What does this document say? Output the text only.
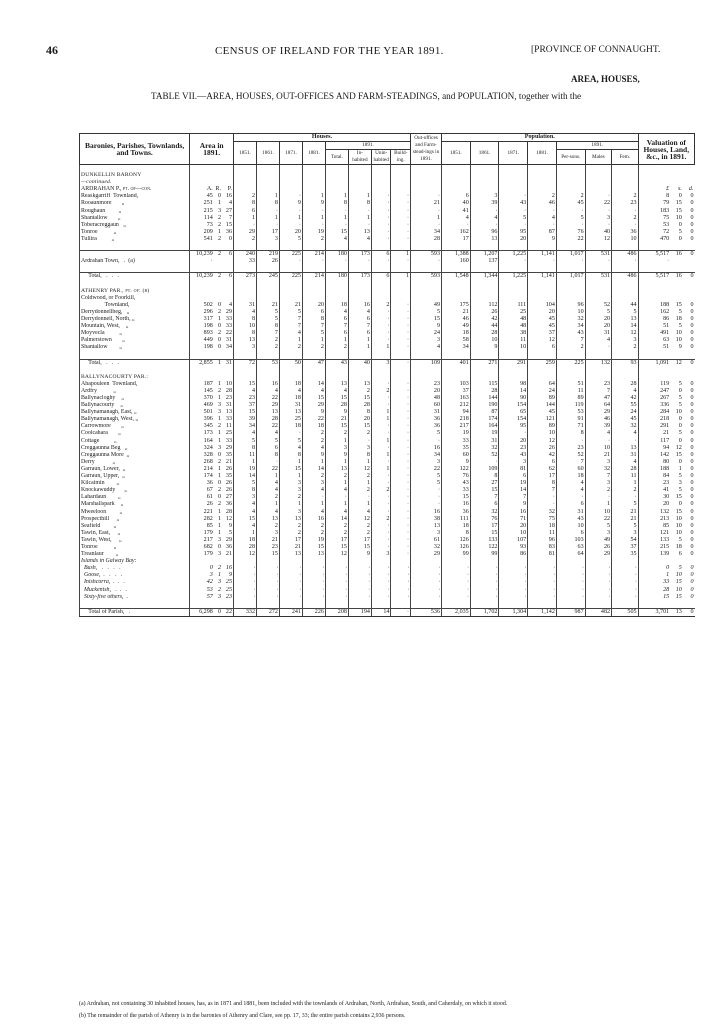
46	CENSUS OF IRELAND FOR THE YEAR 1891.	[PROVINCE OF CONNAUGHT.
AREA, HOUSES,
TABLE VII.—AREA, HOUSES, OUT-OFFICES AND FARM-STEADINGS, and POPULATION, together with the
Baronies, Parishes, Townlands, and Towns.	Area in 1891.			Houses.								Out-offices and Farm-stead-ings in 1891.	Population.							Valuation of Houses, Land, &c., in 1891.		
				1851.	1861.	1871.	1881.	1891.					1851.	1861.	1871.	1881.	1891.					
								Total.	In-habited	Unin-habited	Build-ing.						Per-sons.	Males	Fem.			

DUNKELLIN BARONY																						
—continued.																						
ARDRAHAN P., pt. of—con.	A.	R.	P.																	£	s.	d.
Reaskgarriff  Townland,	45	0	16	2	1	·	1	1	1	·	·	·	6	3	·	2	2	·	2	8	0	0
Rooaunmore       „	251	1	4	8	8	9	9	8	8	·	·	21	40	39	43	46	45	22	23	79	15	0
Roughaun         „	215	3	27	6	·	·	·	·	·	·	·	·	41	·	·	·	·	·	·	183	15	0
Shantallow       „	114	2	7	1	1	1	1	1	1	·	·	1	4	4	5	4	5	3	2	75	10	0
Toberacreggaun   „	73	2	15	·	·	·	·	·	·	·	·	·	·	·	·	·	·	·	·	53	0	0
Tonroe           „	209	1	36	29	17	20	19	15	13	·	·	34	162	96	95	87	76	40	36	72	5	0
Tullira          „	541	2	0	2	3	5	2	4	4	·	·	28	17	13	20	9	22	12	10	470	0	0

	10,239	2	6	240	219	225	214	180	173	6	1	593	1,388	1,207	1,225	1,141	1,017	531	486	5,517	16	0
Ardrahan Town,   .  (a)	·			33	26	·	·	·	·	·	·	·	160	137	·	·	·	·	·	·		

Total,   .   .   .	10,239	2	6	273	245	225	214	180	173	6	1	593	1,548	1,344	1,225	1,141	1,017	531	486	5,517	16	0

ATHENRY PAR., pt. of: (b)																						
Coldwood, or Foorkill,																						
Townland,	502	0	4	31	21	21	20	18	16	2	·	49	175	112	111	104	96	52	44	188	15	0
Derrydonnellbeg,   „	296	2	29	4	5	5	6	4	4	·	·	5	21	26	25	20	10	5	5	162	5	0
Derrydonnell, North, „	317	1	33	8	5	7	8	6	6	·	·	15	46	42	48	45	32	20	13	86	18	0
Mountain, West,    „	198	0	33	10	8	7	7	7	7	·	·	9	49	44	48	45	34	20	14	51	5	0
Moyvecla          „	893	2	22	8	7	4	5	6	6	·	·	24	18	28	38	37	43	31	12	491	10	0
Palmerstown       „	449	0	31	13	2	1	1	1	1	·	·	3	58	10	11	12	7	4	3	63	10	0
Shantallow        „	198	0	34	3	2	2	2	2	1	1	·	4	34	9	10	6	2	·	2	51	9	0

Total,   .   .   .	2,855	1	31	72	53	50	47	43	40	3	·	109	401	271	291	259	225	132	93	1,091	12	0

BALLYNACOURTY PAR.:																						
Ahapouleen  Townland,	187	1	10	15	16	18	14	13	13	·	·	23	103	115	98	64	51	23	28	119	5	0
Ardfry           „	145	2	28	4	4	4	4	4	2	2	·	20	37	28	14	24	11	7	4	247	0	0
Ballynacloghy    „	370	1	23	23	22	18	15	15	15	·	·	48	163	144	90	89	89	47	42	267	5	0
Ballynacourty    „	469	3	31	37	29	31	29	28	28	·	·	60	212	190	154	144	119	64	55	336	5	0
Ballynamanagh, East, „	501	3	13	15	13	13	9	9	8	1	·	31	94	87	65	45	53	29	24	284	10	0
Ballynamanagh, West, „	396	1	33	39	28	25	22	21	20	1	·	36	218	174	154	121	91	46	45	218	0	0
Carrowmore       „	345	2	11	34	22	18	18	15	15	·	·	36	217	164	95	89	71	39	32	291	0	0
Coolcahara       „	173	1	25	4	4	·	2	2	2	·	·	5	19	19	·	10	8	4	4	21	5	0
Cottage          „	164	1	33	5	5	5	2	1	·	1	·	·	33	31	20	12	·	·	·	117	0	0
Creggaunna Beg   „	324	3	29	8	6	4	4	3	3	·	·	16	35	32	23	26	23	10	13	94	12	0
Creggaunna More  „	328	0	35	11	8	8	9	9	8	1	·	34	60	52	43	42	52	21	31	142	15	0
Derry            „	268	2	21	1	·	1	1	1	1	·	·	3	9	·	3	6	7	3	4	80	0	0
Garraun, Lower,  „	214	1	26	19	22	15	14	13	12	1	·	22	122	109	81	62	60	32	28	188	1	0
Garraun, Upper,  „	174	1	35	14	1	1	2	2	2	·	·	5	76	8	6	17	18	7	11	84	5	0
Kilcaimin        „	36	0	26	5	4	3	3	1	1	·	·	5	43	27	19	8	4	3	1	23	3	0
Knockawuddy      „	67	2	26	8	4	3	4	4	2	2	·	·	33	15	14	7	4	2	2	41	5	0
Lahardaun        „	61	0	27	3	2	2	·	·	·	·	·	·	15	7	7	·	·	·	·	30	15	0
Marshallspark    „	26	2	36	4	1	1	1	1	1	·	·	·	16	6	9	·	6	1	5	20	0	0
Mweeloon         „	221	1	28	4	4	3	4	4	4	·	·	16	36	32	16	32	31	10	21	132	15	0
Prospecthill     „	282	1	12	15	13	13	16	14	12	2	·	38	111	76	71	75	43	22	21	213	10	0
Seafield         „	85	1	9	4	2	2	2	2	2	·	·	13	18	17	20	18	10	5	5	85	10	0
Tawin, East,     „	179	1	5	1	3	2	2	2	2	·	·	3	8	15	10	11	6	3	3	121	10	0
Tawin, West,     „	217	3	29	18	21	17	19	17	17	·	·	61	126	133	107	96	103	49	54	133	5	0
Tonroe           „	682	0	36	28	23	21	15	15	15	·	·	32	126	122	93	83	63	26	37	215	18	0
Treanlaur        „	179	3	21	12	15	13	13	12	9	3	·	29	99	99	86	81	64	29	35	139	6	0
Islands in Galway Bay:																						
Bush,   .   .   .   .	0	2	16	·	·	·	·	·	·	·	·	·	·	·	·	·	·	·	·	0	5	0
Goose,  .   .   .   .	3	1	9	·	·	·	·	·	·	·	·	·	·	·	·	·	·	·	·	1	10	0
Inishcorra,  .  .   .	42	3	25	·	·	·	·	·	·	·	·	·	·	·	·	·	·	·	·	33	15	0
Muckenish,   .  .   .	53	2	25	·	·	·	·	·	·	·	·	·	·	·	·	·	·	·	·	28	10	0
Sixty-five others,  .	57	3	23	·	·	·	·	·	·	·	·	·	·	·	·	·	·	·	·	15	15	0

Total of Parish,   .	6,298	0	22	332	272	241	226	208	194	14	·	536	2,035	1,702	1,304	1,142	987	482	505	3,701	13	0
(a) Ardrahan, not containing 30 inhabited houses, has, as in 1871 and 1881, been included with the townlands of Ardrahan, North, Ardrahan, South, and Caherdaly, on which it stood.
(b) The remainder of the parish of Athenry is in the baronies of Athenry and Clare, see pp. 17, 33; the entire parish contains 2,936 persons.
